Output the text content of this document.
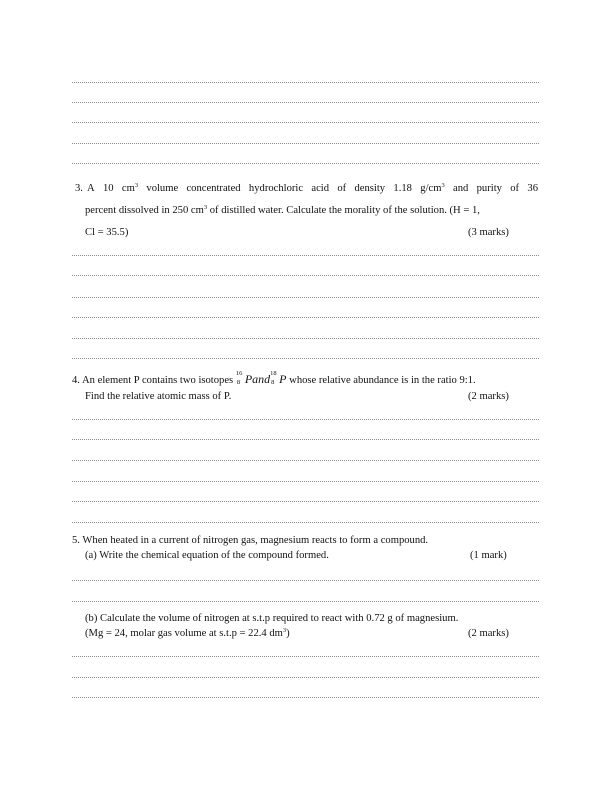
3. A 10 $cm^3$ volume concentrated hydrochloric acid of density 1.18 $g/cm^3$ and purity of 36
percent dissolved in 250 $cm^3$ of distilled water. Calculate the morality of the solution. (H = 1,
Cl = 35.5)	(3 marks)
4. An element P contains two isotopes
16
8 Pand 18
8 P whose relative abundance is in the ratio 9:1.
Find the relative atomic mass of P.	(2 marks)
5. When heated in a current of nitrogen gas, magnesium reacts to form a compound.
(a) Write the chemical equation of the compound formed.	(1 mark)
(b) Calculate the volume of nitrogen at s.t.p required to react with 0.72 g of magnesium.
(Mg = 24, molar gas volume at s.t.p = 22.4 $dm^3$)	(2 marks)
